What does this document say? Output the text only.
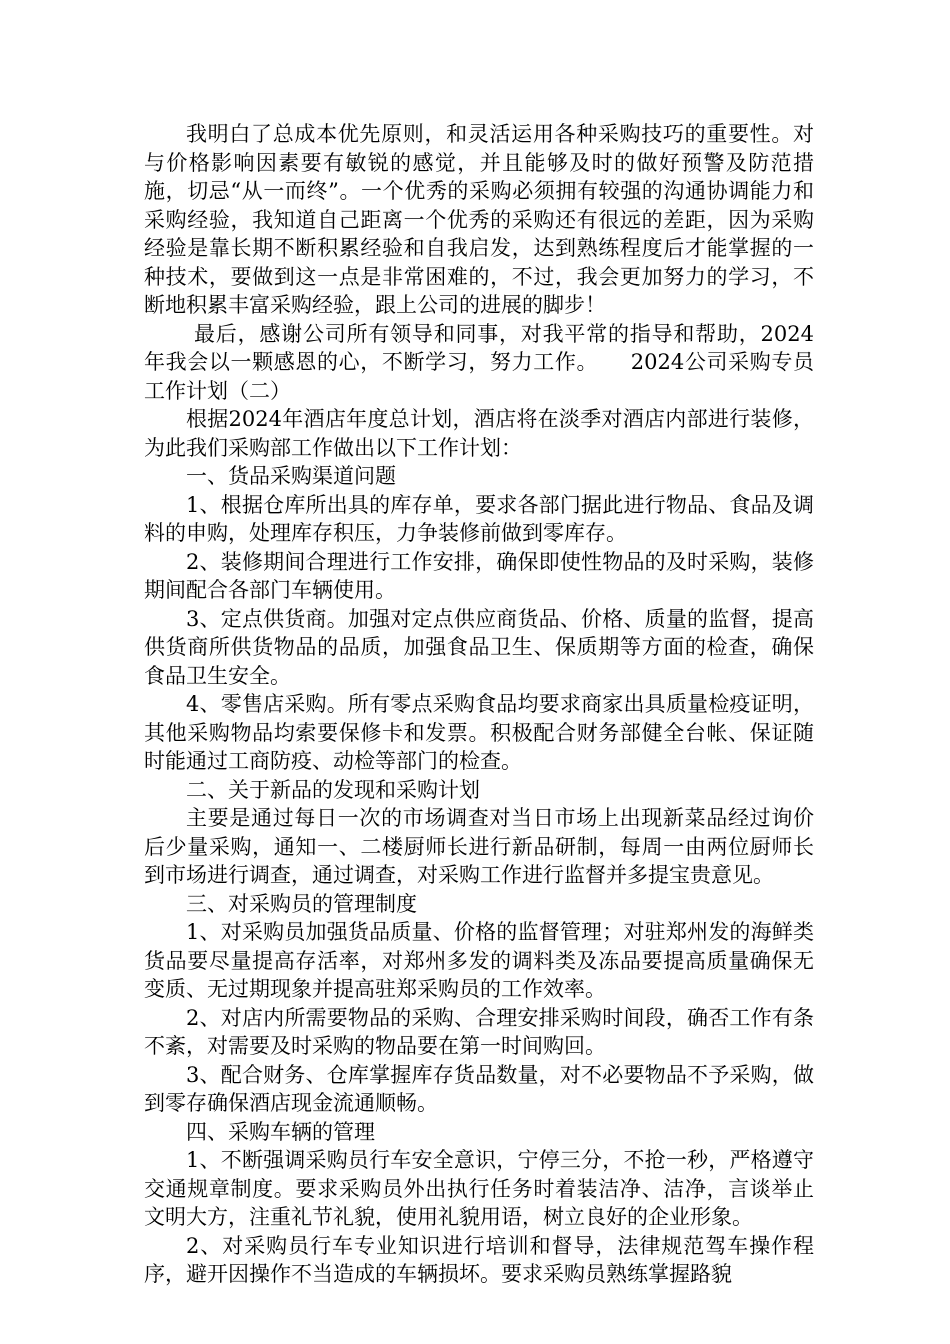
我明白了总成本优先原则，和灵活运用各种采购技巧的重要性。对与价格影响因素要有敏锐的感觉，并且能够及时的做好预警及防范措施，切忌“从一而终”。一个优秀的采购必须拥有较强的沟通协调能力和采购经验，我知道自己距离一个优秀的采购还有很远的差距，因为采购经验是靠长期不断积累经验和自我启发，达到熟练程度后才能掌握的一种技术，要做到这一点是非常困难的，不过，我会更加努力的学习，不断地积累丰富采购经验，跟上公司的进展的脚步！

最后，感谢公司所有领导和同事，对我平常的指导和帮助，2024年我会以一颗感恩的心，不断学习，努力工作。　　2024公司采购专员工作计划（二）

根据2024年酒店年度总计划，酒店将在淡季对酒店内部进行装修，为此我们采购部工作做出以下工作计划：

一、货品采购渠道问题

1、根据仓库所出具的库存单，要求各部门据此进行物品、食品及调料的申购，处理库存积压，力争装修前做到零库存。

2、装修期间合理进行工作安排，确保即使性物品的及时采购，装修期间配合各部门车辆使用。

3、定点供货商。加强对定点供应商货品、价格、质量的监督，提高供货商所供货物品的品质，加强食品卫生、保质期等方面的检查，确保食品卫生安全。

4、零售店采购。所有零点采购食品均要求商家出具质量检疫证明，其他采购物品均索要保修卡和发票。积极配合财务部健全台帐、保证随时能通过工商防疫、动检等部门的检查。

二、关于新品的发现和采购计划

主要是通过每日一次的市场调查对当日市场上出现新菜品经过询价后少量采购，通知一、二楼厨师长进行新品研制，每周一由两位厨师长到市场进行调查，通过调查，对采购工作进行监督并多提宝贵意见。

三、对采购员的管理制度

1、对采购员加强货品质量、价格的监督管理；对驻郑州发的海鲜类货品要尽量提高存活率，对郑州多发的调料类及冻品要提高质量确保无变质、无过期现象并提高驻郑采购员的工作效率。

2、对店内所需要物品的采购、合理安排采购时间段，确否工作有条不紊，对需要及时采购的物品要在第一时间购回。

3、配合财务、仓库掌握库存货品数量，对不必要物品不予采购，做到零存确保酒店现金流通顺畅。

四、采购车辆的管理

1、不断强调采购员行车安全意识，宁停三分，不抢一秒，严格遵守交通规章制度。要求采购员外出执行任务时着装洁净、洁净，言谈举止文明大方，注重礼节礼貌，使用礼貌用语，树立良好的企业形象。

2、对采购员行车专业知识进行培训和督导，法律规范驾车操作程序，避开因操作不当造成的车辆损坏。要求采购员熟练掌握路貌
